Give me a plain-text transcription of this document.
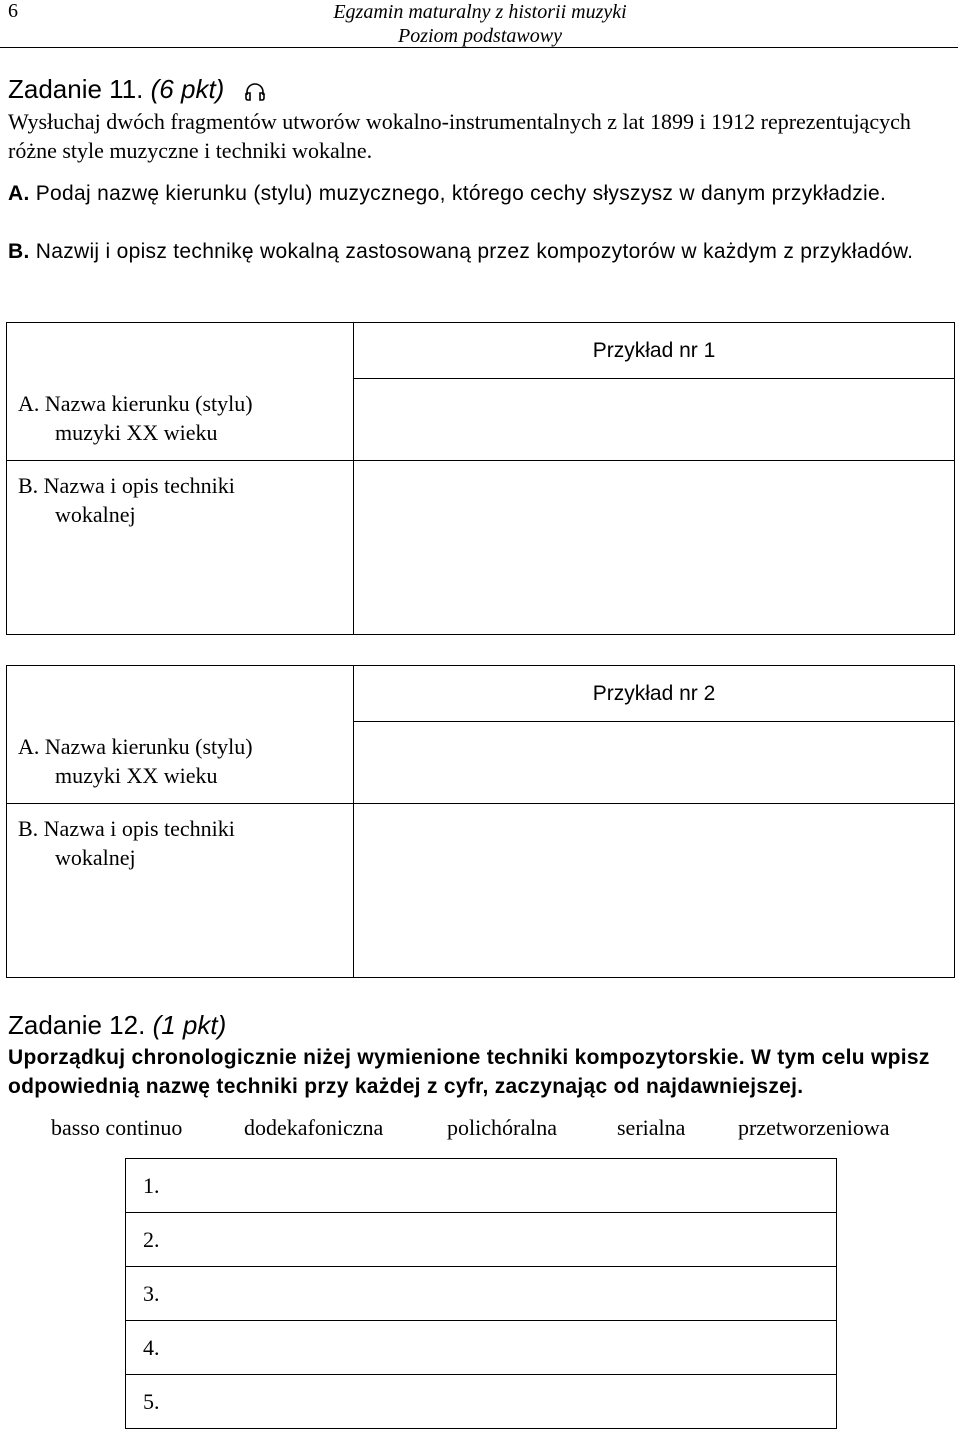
6	Egzamin maturalny z historii muzyki
Poziom podstawowy
Zadanie 11. (6 pkt)
Wysłuchaj dwóch fragmentów utworów wokalno-instrumentalnych z lat 1899 i 1912 reprezentujących różne style muzyczne i techniki wokalne.
A. Podaj nazwę kierunku (stylu) muzycznego, którego cechy słyszysz w danym przykładzie.
B. Nazwij i opisz technikę wokalną zastosowaną przez kompozytorów w każdym z przykładów.
	Przykład nr 1
A. Nazwa kierunku (stylu)
muzyki XX wieku	
B. Nazwa i opis techniki
wokalnej	
	Przykład nr 2
A. Nazwa kierunku (stylu)
muzyki XX wieku	
B. Nazwa i opis techniki
wokalnej	
Zadanie 12. (1 pkt)
Uporządkuj chronologicznie niżej wymienione techniki kompozytorskie. W tym celu wpisz odpowiednią nazwę techniki przy każdej z cyfr, zaczynając od najdawniejszej.
basso continuo	dodekafoniczna	polichóralna	serialna przetworzeniowa
1.	
2.	
3.	
4.	
5.	
